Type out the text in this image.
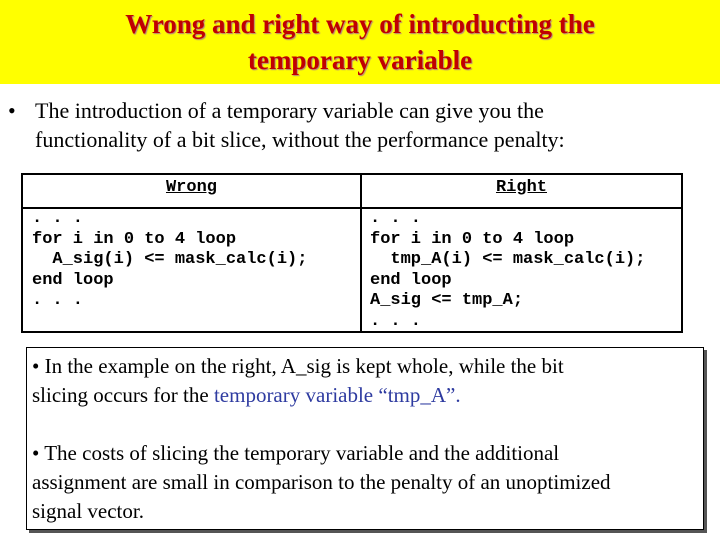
Wrong and right way of introducting the
temporary variable
• The introduction of a temporary variable can give you the
functionality of a bit slice, without the performance penalty:
Wrong	Right
. . .
for i in 0 to 4 loop
A_sig(i) <= mask_calc(i);
end loop
. . .
. . .
for i in 0 to 4 loop
tmp_A(i) <= mask_calc(i);
end loop
A_sig <= tmp_A;
. . .
• In the example on the right, A_sig is kept whole, while the bit
slicing occurs for the temporary variable “tmp_A”.
• The costs of slicing the temporary variable and the additional
assignment are small in comparison to the penalty of an unoptimized
signal vector.
